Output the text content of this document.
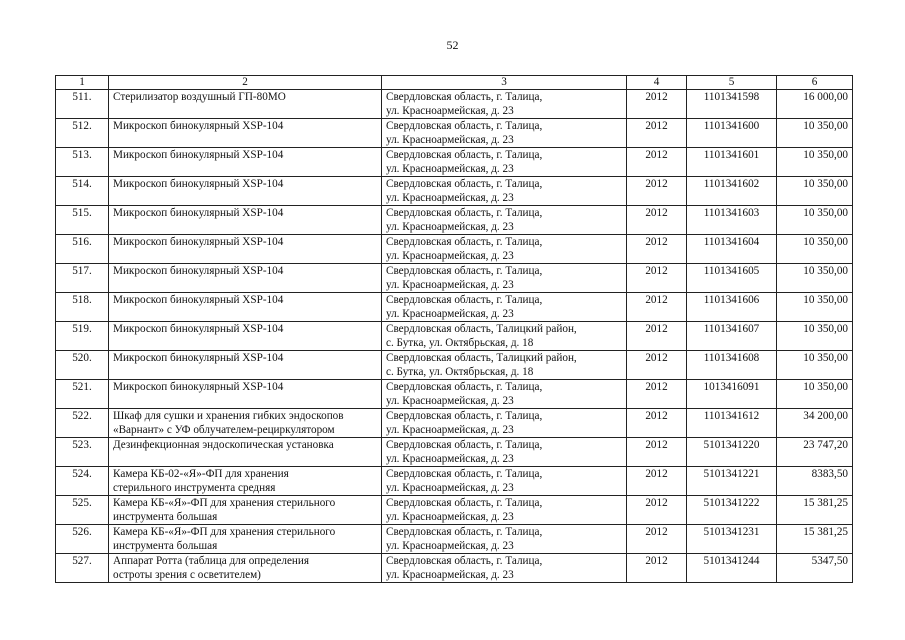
52
1	2	3	4	5	6
511.	Стерилизатор воздушный ГП-80МО	Свердловская область, г. Талица,
ул. Красноармейская, д. 23	2012	1101341598	16 000,00
512.	Микроскоп бинокулярный XSP-104	Свердловская область, г. Талица,
ул. Красноармейская, д. 23	2012	1101341600	10 350,00
513.	Микроскоп бинокулярный XSP-104	Свердловская область, г. Талица,
ул. Красноармейская, д. 23	2012	1101341601	10 350,00
514.	Микроскоп бинокулярный XSP-104	Свердловская область, г. Талица,
ул. Красноармейская, д. 23	2012	1101341602	10 350,00
515.	Микроскоп бинокулярный XSP-104	Свердловская область, г. Талица,
ул. Красноармейская, д. 23	2012	1101341603	10 350,00
516.	Микроскоп бинокулярный XSP-104	Свердловская область, г. Талица,
ул. Красноармейская, д. 23	2012	1101341604	10 350,00
517.	Микроскоп бинокулярный XSP-104	Свердловская область, г. Талица,
ул. Красноармейская, д. 23	2012	1101341605	10 350,00
518.	Микроскоп бинокулярный XSP-104	Свердловская область, г. Талица,
ул. Красноармейская, д. 23	2012	1101341606	10 350,00
519.	Микроскоп бинокулярный XSP-104	Свердловская область, Талицкий район,
с. Бутка, ул. Октябрьская, д. 18	2012	1101341607	10 350,00
520.	Микроскоп бинокулярный XSP-104	Свердловская область, Талицкий район,
с. Бутка, ул. Октябрьская, д. 18	2012	1101341608	10 350,00
521.	Микроскоп бинокулярный XSP-104	Свердловская область, г. Талица,
ул. Красноармейская, д. 23	2012	1013416091	10 350,00
522.	Шкаф для сушки и хранения гибких эндоскопов
«Варнант» с УФ облучателем-рециркулятором	Свердловская область, г. Талица,
ул. Красноармейская, д. 23	2012	1101341612	34 200,00
523.	Дезинфекционная эндоскопическая установка	Свердловская область, г. Талица,
ул. Красноармейская, д. 23	2012	5101341220	23 747,20
524.	Камера КБ-02-«Я»-ФП для хранения
стерильного инструмента средняя	Свердловская область, г. Талица,
ул. Красноармейская, д. 23	2012	5101341221	8383,50
525.	Камера КБ-«Я»-ФП для хранения стерильного
инструмента большая	Свердловская область, г. Талица,
ул. Красноармейская, д. 23	2012	5101341222	15 381,25
526.	Камера КБ-«Я»-ФП для хранения стерильного
инструмента большая	Свердловская область, г. Талица,
ул. Красноармейская, д. 23	2012	5101341231	15 381,25
527.	Аппарат Ротта (таблица для определения
остроты зрения с осветителем)	Свердловская область, г. Талица,
ул. Красноармейская, д. 23	2012	5101341244	5347,50
